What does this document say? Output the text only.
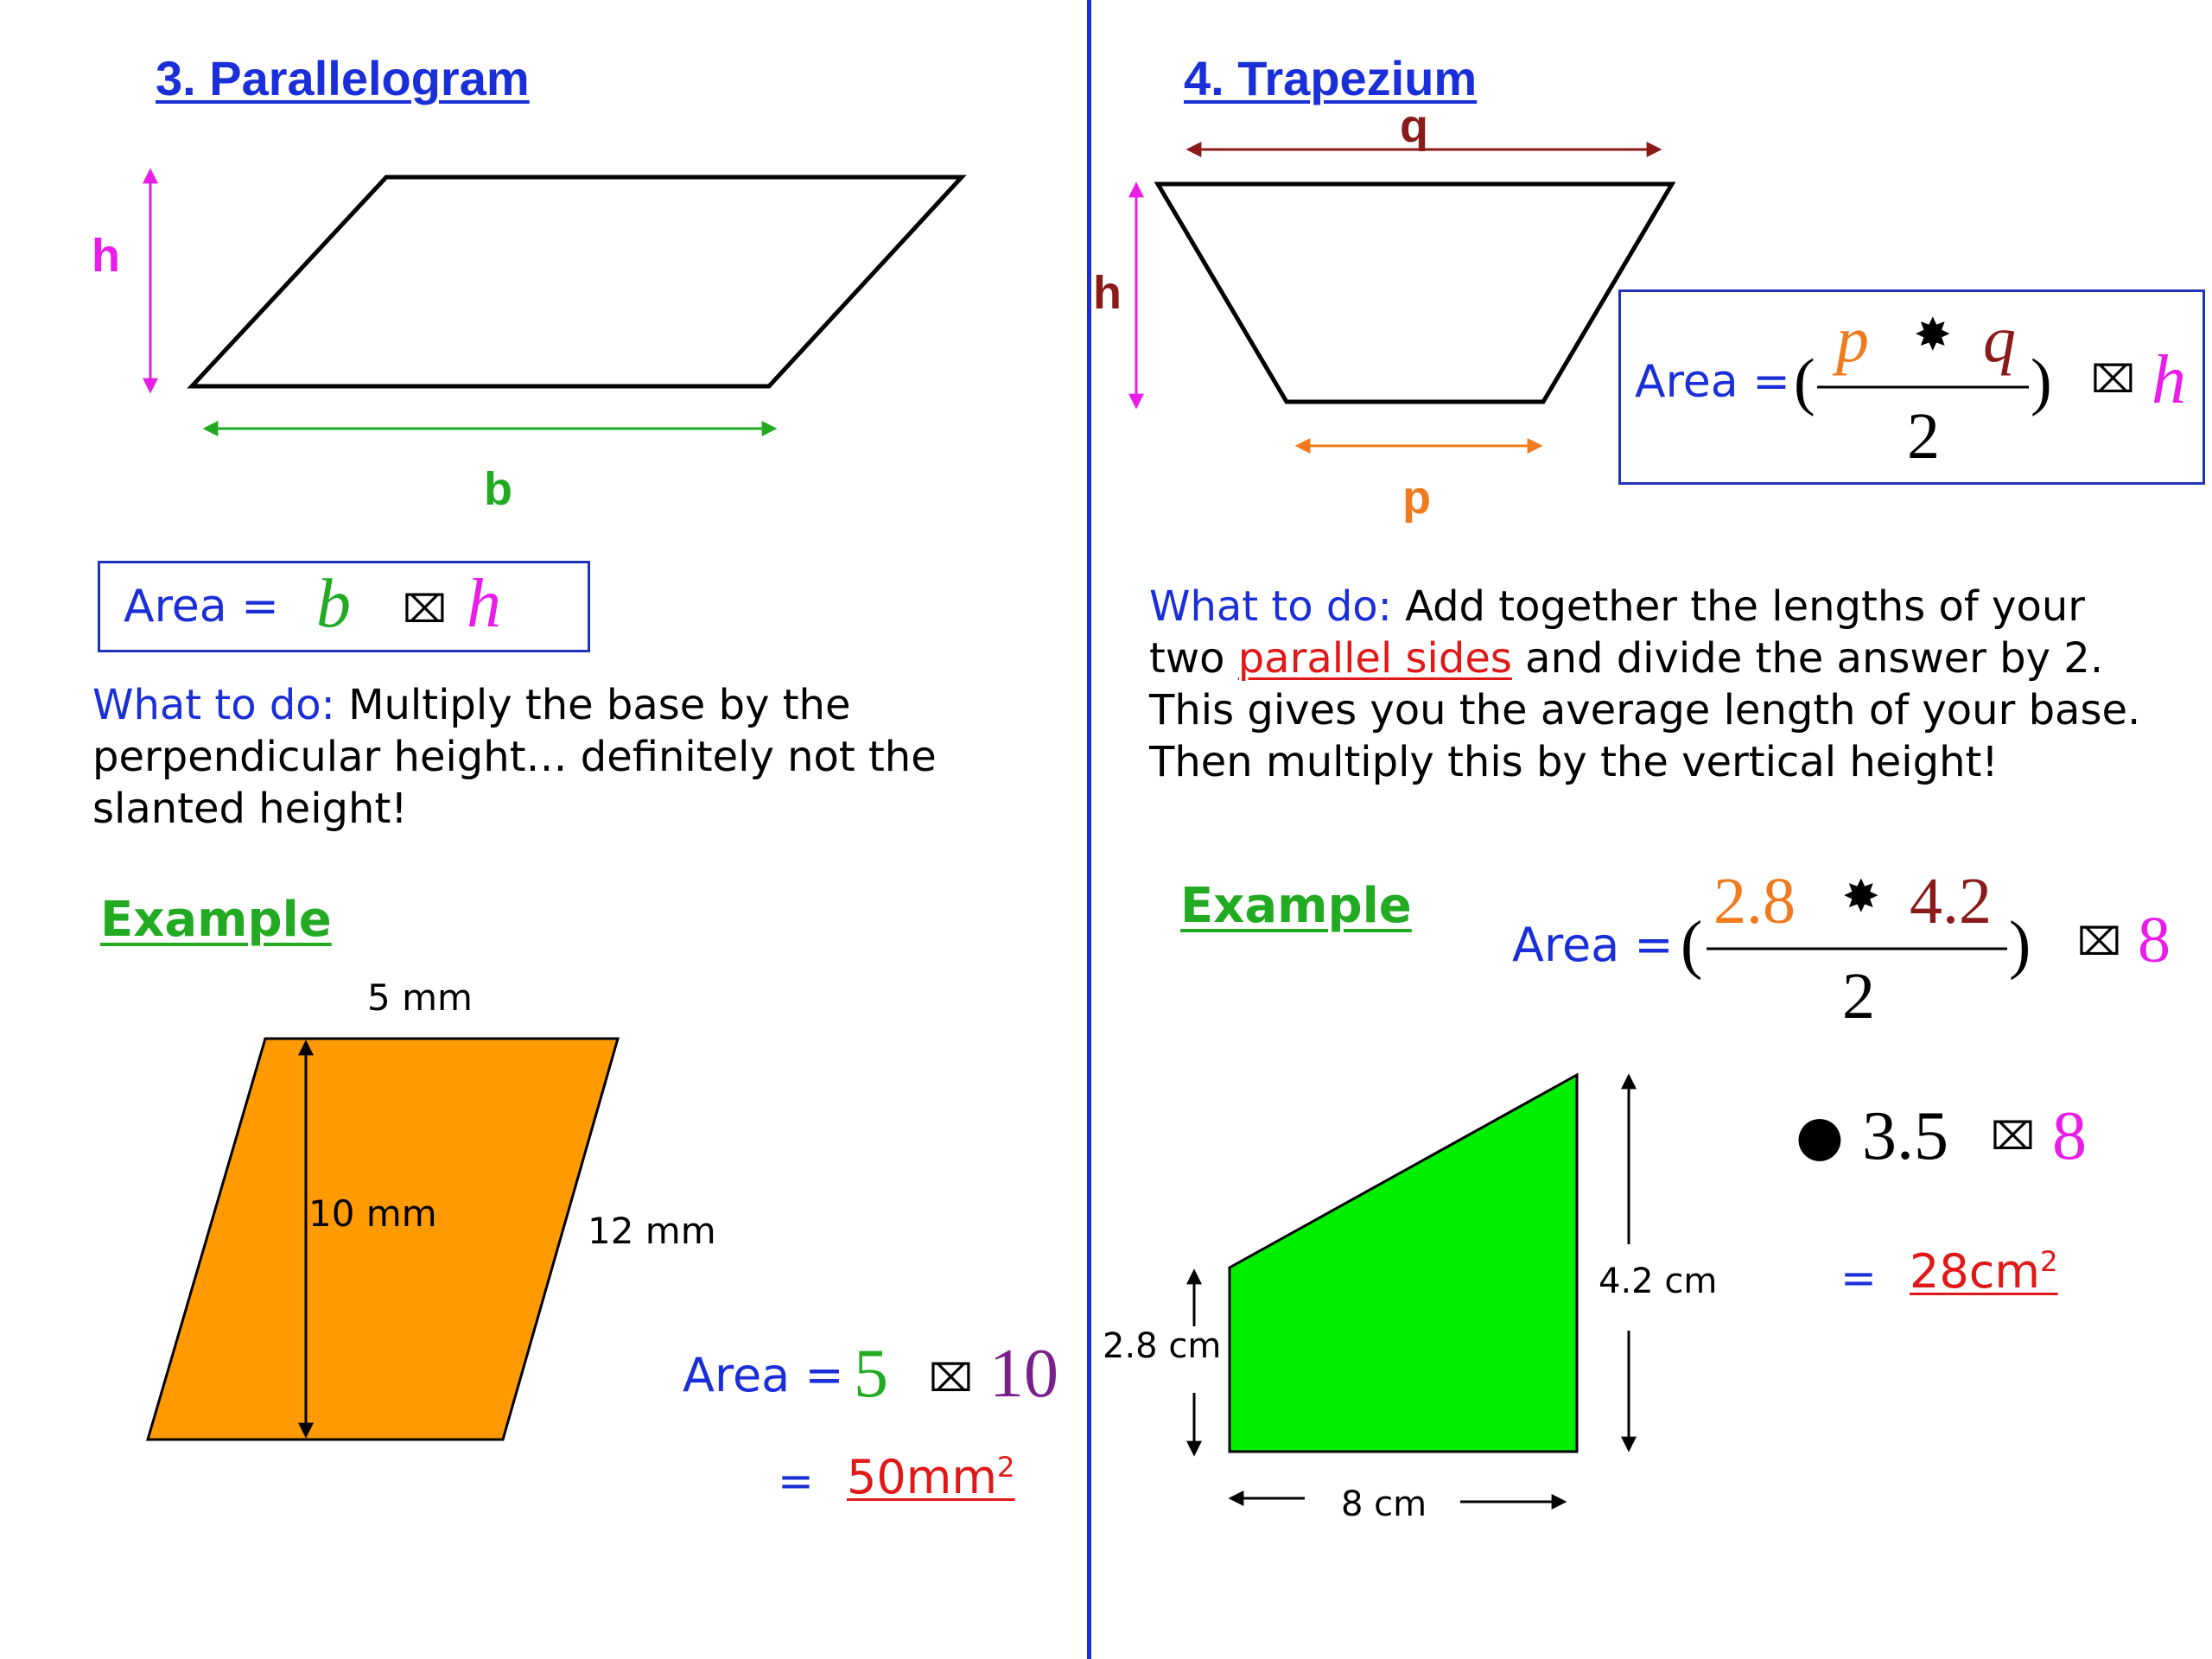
3. Parallelogram
h
b
Area = b ⌧ h
What to do: Multiply the base by the perpendicular height… definitely not the slanted height!
Example
5 mm
10 mm	12 mm
Area = 5 ⌧ 10
= $50mm^2$
4. Trapezium
q
h
p
Area = (
p ✸ q
2
) ⌧ h
What to do: Add together the lengths of your two parallel sides and divide the answer by 2. This gives you the average length of your base. Then multiply this by the vertical height!
Example
Area = (
2.8 ✸ 4.2
2
) ⌧ 8
● 3.5 ⌧ 8
= $28cm^2$
2.8 cm
4.2 cm
8 cm
